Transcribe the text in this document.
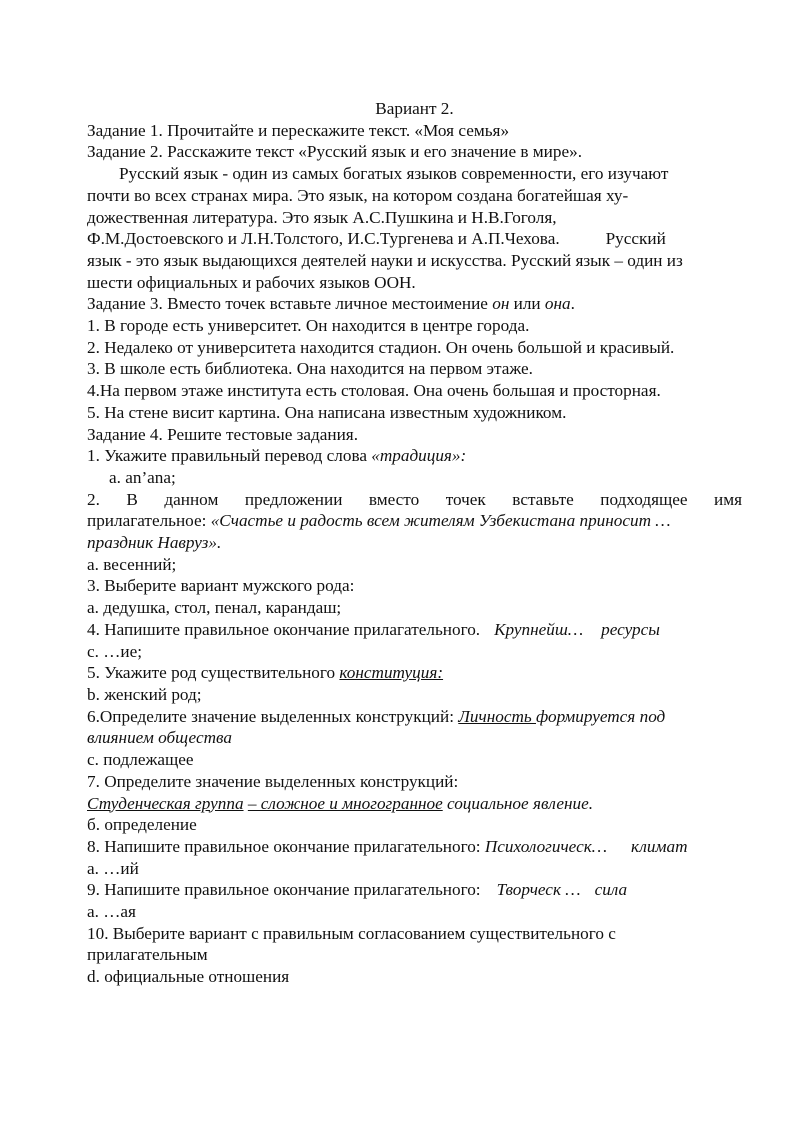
Вариант 2.
Задание 1. Прочитайте и перескажите текст. «Моя семья»
Задание 2. Расскажите текст «Русский язык и его значение в мире».
Русский язык - один из самых богатых языков современности, его изучают
почти во всех странах мира. Это язык, на котором создана богатейшая ху-
дожественная литература. Это язык А.С.Пушкина и Н.В.Гоголя,
Ф.М.Достоевского и Л.Н.Толстого, И.С.Тургенева и А.П.Чехова.	Русский
язык - это язык выдающихся деятелей науки и искусства. Русский язык – один из
шести официальных и рабочих языков ООН.
Задание 3. Вместо точек вставьте личное местоимение он или она.
1. В городе есть университет. Он находится в центре города.
2. Недалеко от университета находится стадион. Он очень большой и красивый.
3. В школе есть библиотека. Она находится на первом этаже.
4.На первом этаже института есть столовая. Она очень большая и просторная.
5. На стене висит картина. Она написана известным художником.
Задание 4. Решите тестовые задания.
1. Укажите правильный перевод слова «традиция»:
a. an’ana;
2. В данном предложении вместо точек вставьте подходящее имя
прилагательное: «Счастье и радость всем жителям Узбекистана приносит …
праздник Навруз».
a. весенний;
3. Выберите вариант мужского рода:
a. дедушка, стол, пенал, карандаш;
4. Напишите правильное окончание прилагательного. Крупнейш… ресурсы
c. …ие;
5. Укажите род существительного конституция:
b. женский род;
6.Определите значение выделенных конструкций: Личность формируется под
влиянием общества
c. подлежащее
7. Определите значение выделенных конструкций:
Студенческая группа – сложное и многогранное социальное явление.
б. определение
8. Напишите правильное окончание прилагательного: Психологическ… климат
a. …ий
9. Напишите правильное окончание прилагательного: Творческ … сила
a. …ая
10. Выберите вариант с правильным согласованием существительного с
прилагательным
d. официальные отношения
